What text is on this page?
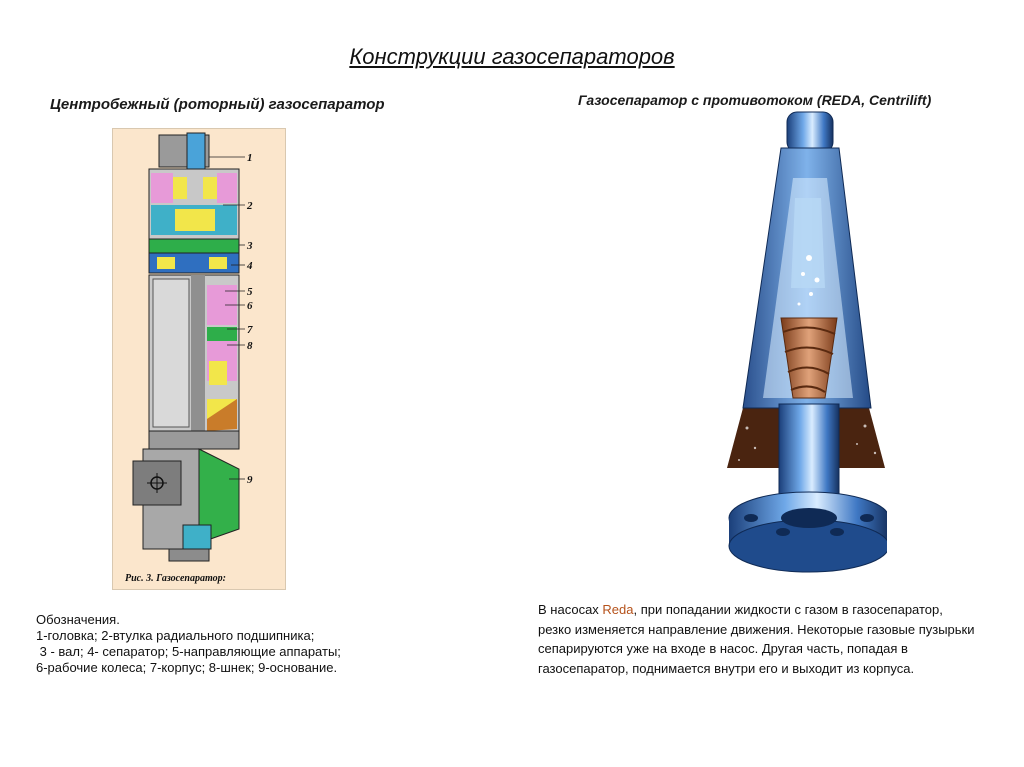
Конструкции газосепараторов
Центробежный (роторный) газосепаратор	Газосепаратор с противотоком (REDA, Centrilift)
1
2
3
4
5
6
7
8
9
Рис. 3. Газосепаратор:
Обозначения.
1-головка; 2-втулка радиального подшипника;
3 - вал; 4- сепаратор; 5-направляющие аппараты;
6-рабочие колеса; 7-корпус; 8-шнек; 9-основание.
В насосах Reda, при попадании жидкости с газом в газосепаратор, резко изменяется направление движения. Некоторые газовые пузырьки сепарируются уже на входе в насос. Другая часть, попадая в газосепаратор, поднимается внутри его и выходит из корпуса.
